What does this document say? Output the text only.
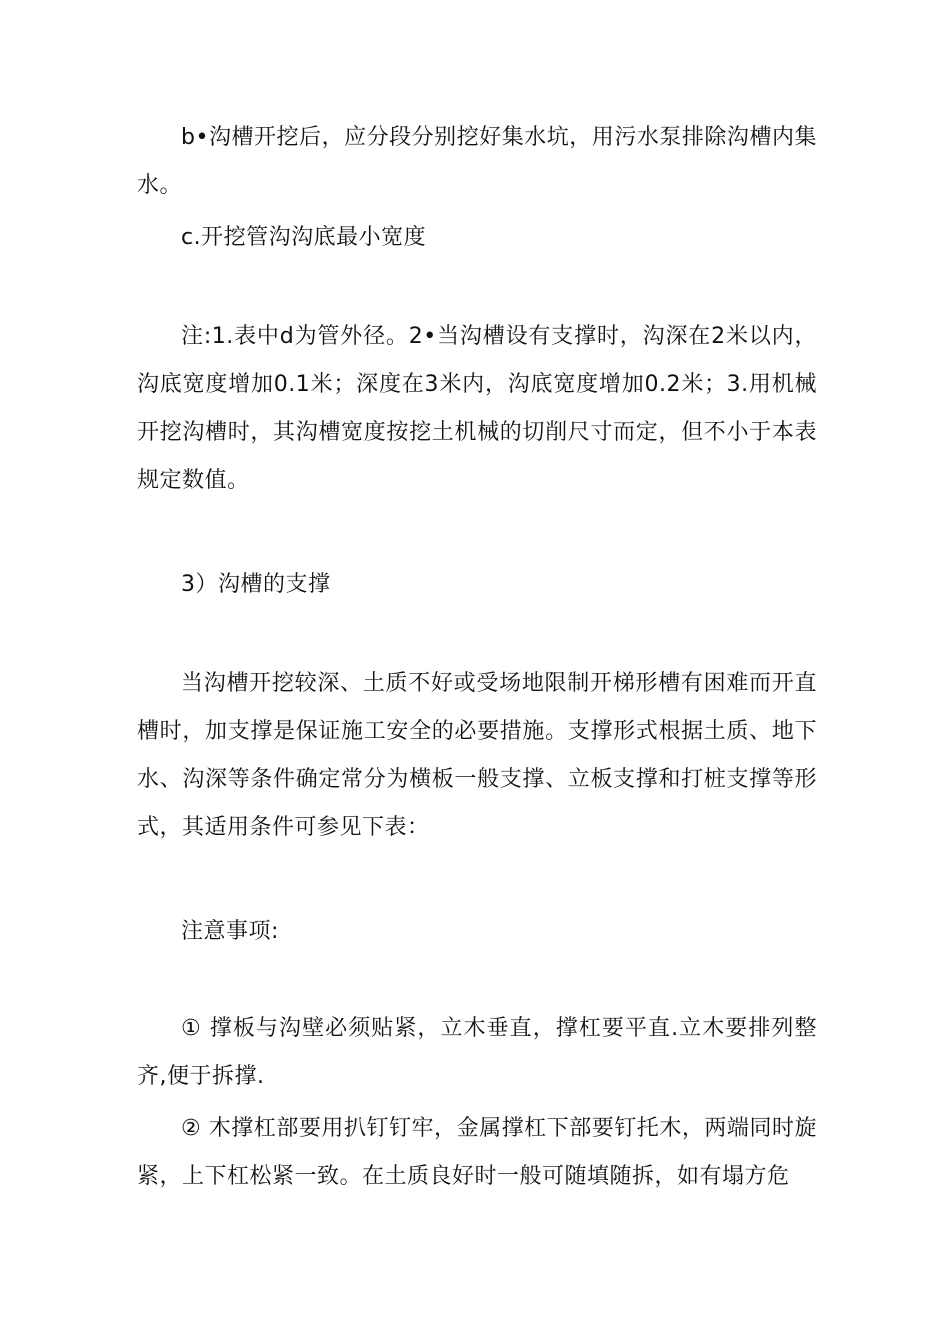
b•沟槽开挖后，应分段分别挖好集水坑，用污水泵排除沟槽内集水。

c.开挖管沟沟底最小宽度

注:1.表中d为管外径。2•当沟槽设有支撑时，沟深在2米以内，沟底宽度增加0.1米；深度在3米内，沟底宽度增加0.2米；3.用机械开挖沟槽时，其沟槽宽度按挖土机械的切削尺寸而定，但不小于本表规定数值。

3）沟槽的支撑

当沟槽开挖较深、土质不好或受场地限制开梯形槽有困难而开直槽时，加支撑是保证施工安全的必要措施。支撑形式根据土质、地下水、沟深等条件确定常分为横板一般支撑、立板支撑和打桩支撑等形式，其适用条件可参见下表：

注意事项:

① 撑板与沟壁必须贴紧，立木垂直，撑杠要平直.立木要排列整齐,便于拆撑.

② 木撑杠部要用扒钉钉牢，金属撑杠下部要钉托木，两端同时旋紧，上下杠松紧一致。在土质良好时一般可随填随拆，如有塌方危
